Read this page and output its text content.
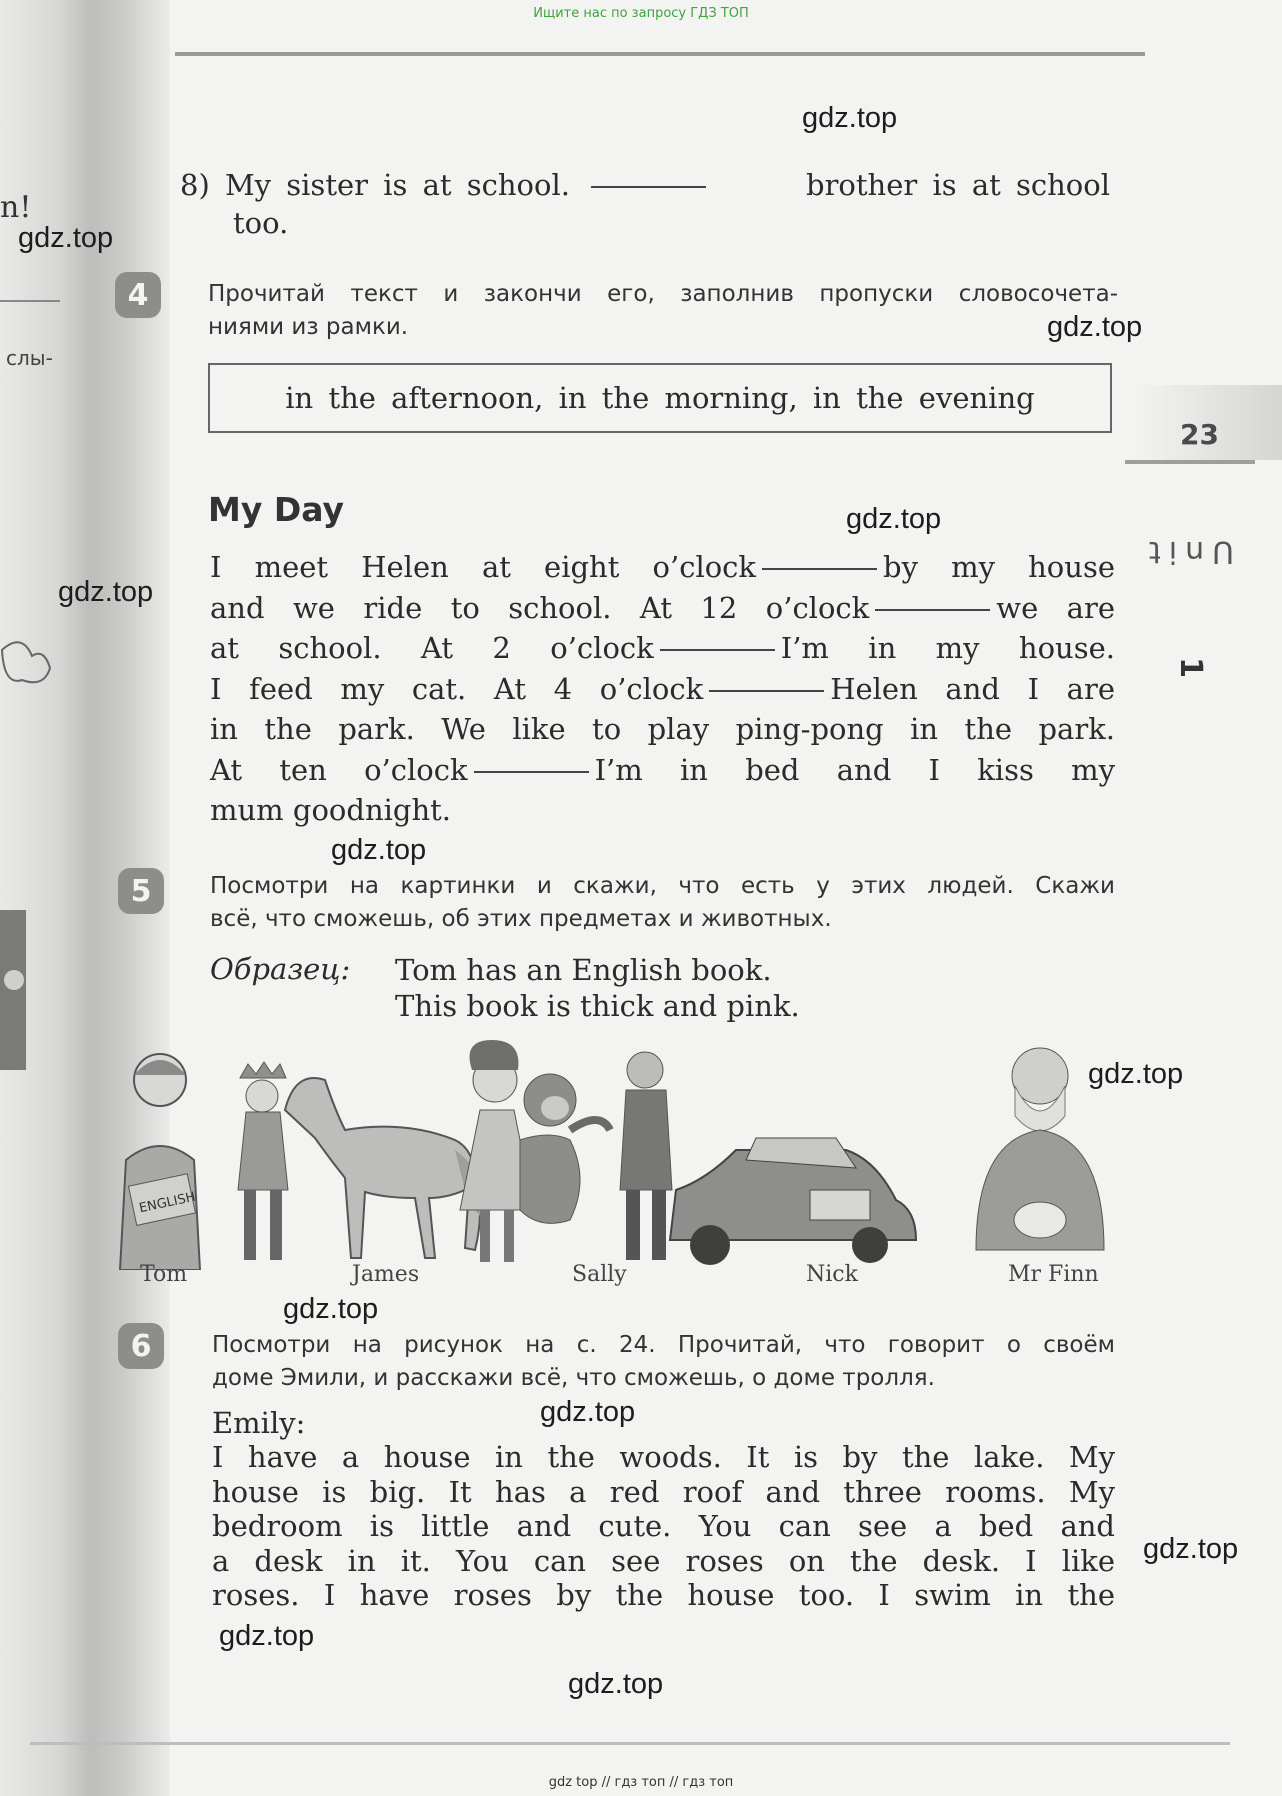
Ищите нас по запросу ГДЗ ТОП
gdz top // гдз топ // гдз топ
n!
слы-
23
Unit
1
8) My sister is at school.	brother is at school
too.
4	Прочитай текст и закончи его, заполнив пропуски словосочета-
ниями из рамки.
in the afternoon, in the morning, in the evening
My Day
I meet Helen at eight o’clock	by my house
and we ride to school. At 12 o’clock	we are
at school. At 2 o’clock	I’m in my house.
I feed my cat. At 4 o’clock	Helen and I are
in the park. We like to play ping-pong in the park.
At ten o’clock	I’m in bed and I kiss my
mum goodnight.
5	Посмотри на картинки и скажи, что есть у этих людей. Скажи
всё, что сможешь, об этих предметах и животных.
Образец: Tom has an English book.
This book is thick and pink.
ENGLISH
Tom	James	Sally	Nick	Mr Finn
6	Посмотри на рисунок на с. 24. Прочитай, что говорит о своём
доме Эмили, и расскажи всё, что сможешь, о доме тролля.
Emily:
I have a house in the woods. It is by the lake. My
house is big. It has a red roof and three rooms. My
bedroom is little and cute. You can see a bed and
a desk in it. You can see roses on the desk. I like
roses. I have roses by the house too. I swim in the
gdz.top
gdz.top
gdz.top
gdz.top
gdz.top
gdz.top
gdz.top
gdz.top
gdz.top
gdz.top
gdz.top
gdz.top
